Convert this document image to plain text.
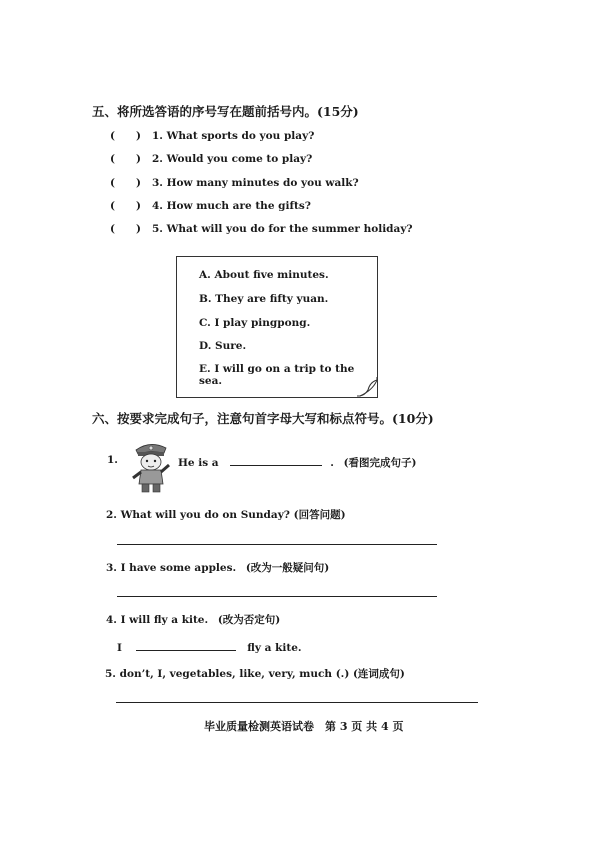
五、将所选答语的序号写在题前括号内。(15分)
(　　) 1. What sports do you play?
(　　) 2. Would you come to play?
(　　) 3. How many minutes do you walk?
(　　) 4. How much are the gifts?
(　　) 5. What will you do for the summer holiday?
A. About five minutes.
B. They are fifty yuan.
C. I play pingpong.
D. Sure.
E. I will go on a trip to the sea.
六、按要求完成句子，注意句首字母大写和标点符号。(10分)
1.	He is a	. (看图完成句子)
2. What will you do on Sunday? (回答问题)
3. I have some apples. (改为一般疑问句)
4. I will fly a kite. (改为否定句)
I	fly a kite.
5. don’t, I, vegetables, like, very, much (.) (连词成句)
毕业质量检测英语试卷　第 3 页 共 4 页
